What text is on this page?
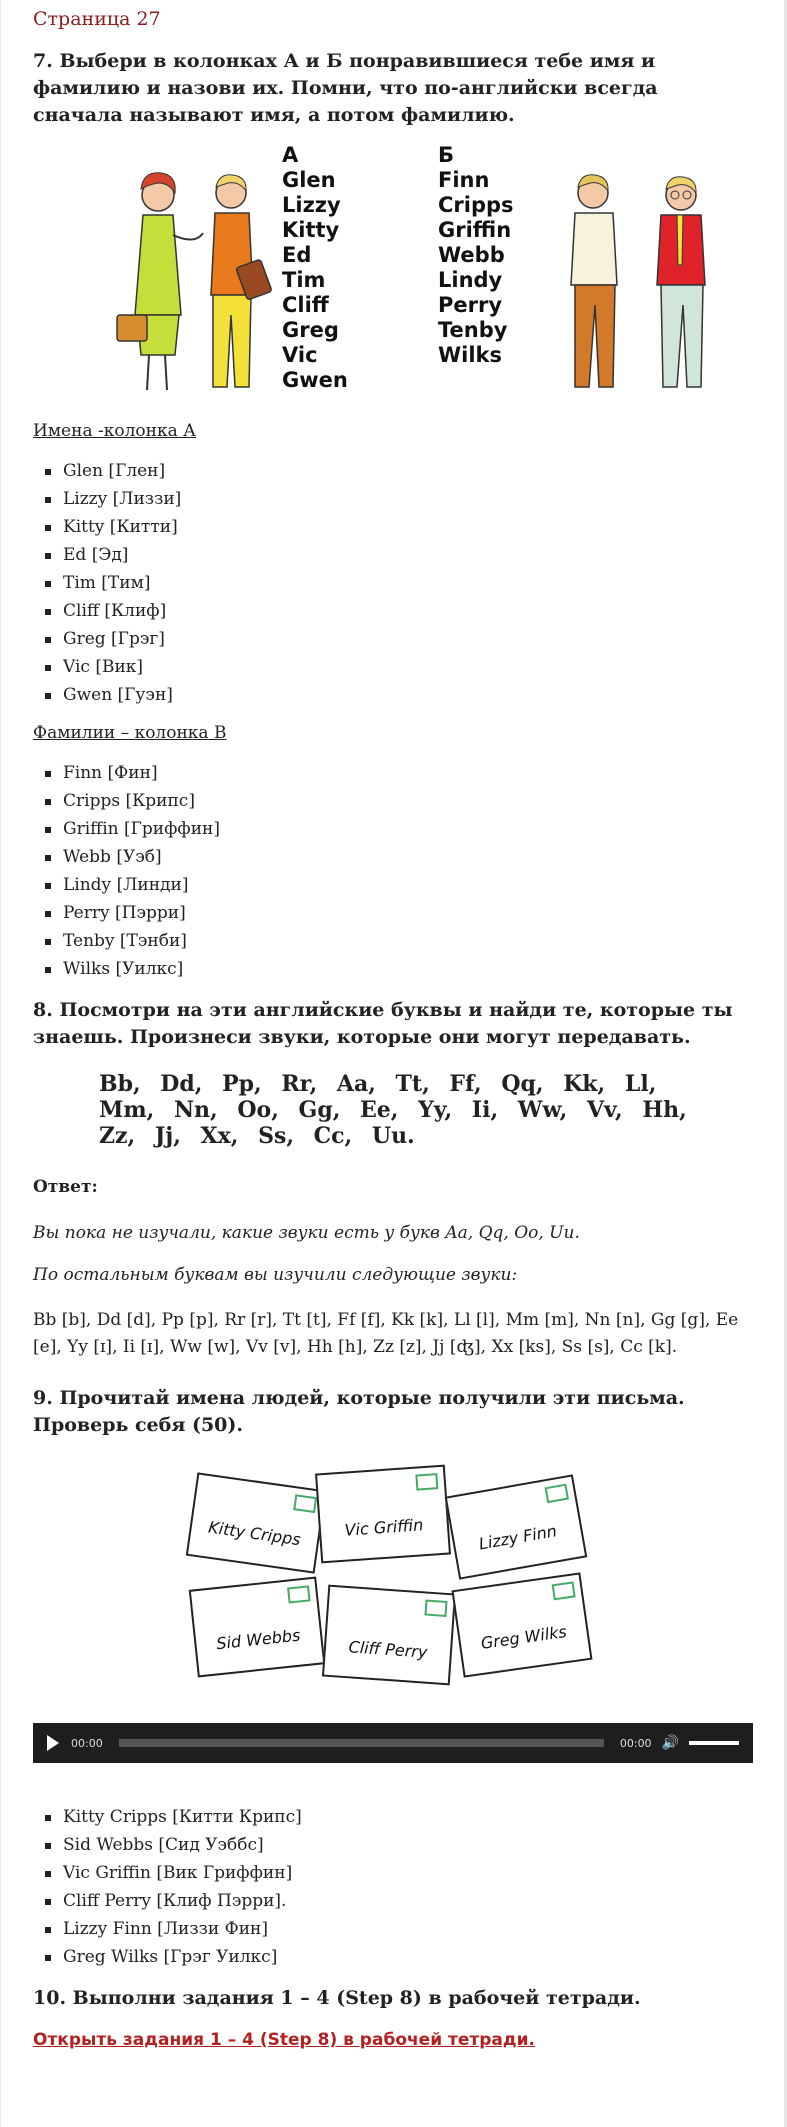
Страница 27
7. Выбери в колонках А и Б понравившиеся тебе имя и фамилию и назови их. Помни, что по-английски всегда сначала называют имя, а потом фамилию.
А
Glen
Lizzy
Kitty
Ed
Tim
Cliff
Greg
Vic
Gwen
Б
Finn
Cripps
Griffin
Webb
Lindy
Perry
Tenby
Wilks

Имена -колонка А

Glen [Глен]
Lizzy [Лиззи]
Kitty [Китти]
Ed [Эд]
Tim [Тим]
Cliff [Клиф]
Greg [Грэг]
Vic [Вик]
Gwen [Гуэн]

Фамилии – колонка В

Finn [Фин]
Cripps [Крипс]
Griffin [Гриффин]
Webb [Уэб]
Lindy [Линди]
Perry [Пэрри]
Tenby [Тэнби]
Wilks [Уилкс]
8. Посмотри на эти английские буквы и найди те, которые ты знаешь. Произнеси звуки, которые они могут передавать.
Bb, Dd, Pp, Rr, Aa, Tt, Ff, Qq, Kk, Ll, Mm, Nn, Oo, Gg, Ee, Yy, Ii, Ww, Vv, Hh, Zz, Jj, Xx, Ss, Cc, Uu.

Ответ:

Вы пока не изучали, какие звуки есть у букв Aa, Qq, Oo, Uu.

По остальным буквам вы изучили следующие звуки:

Bb [b], Dd [d], Pp [p], Rr [r], Tt [t], Ff [f], Kk [k], Ll [l], Mm [m], Nn [n], Gg [g], Ee [e], Yy [ɪ], Ii [ɪ], Ww [w], Vv [v], Hh [h], Zz [z], Jj [ʤ], Xx [ks], Ss [s], Cc [k].

9. Прочитай имена людей, которые получили эти письма. Проверь себя (50).
Kitty Cripps	Vic Griffin	Lizzy Finn
Sid Webbs	Cliff Perry	Greg Wilks
00:00	00:00 🔊
Kitty Cripps [Китти Крипс]
Sid Webbs [Сид Уэббс]
Vic Griffin [Вик Гриффин]
Cliff Perry [Клиф Пэрри].
Lizzy Finn [Лиззи Фин]
Greg Wilks [Грэг Уилкс]
10. Выполни задания 1 – 4 (Step 8) в рабочей тетради.
Открыть задания 1 – 4 (Step 8) в рабочей тетради.
